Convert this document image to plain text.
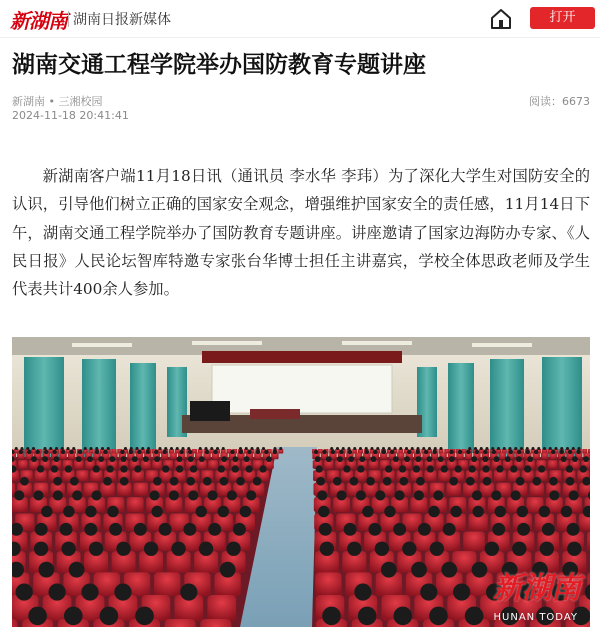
新湖南 湖南日报新媒体	打开
湖南交通工程学院举办国防教育专题讲座
新湖南 • 三湘校园
2024-11-18 20:41:41
阅读：6673

新湖南客户端11月18日讯（通讯员 李水华 李玮）为了深化大学生对国防安全的认识，引导他们树立正确的国家安全观念，增强维护国家安全的责任感，11月14日下午，湖南交通工程学院举办了国防教育专题讲座。讲座邀请了国家边海防办专家、《人民日报》人民论坛智库特邀专家张台华博士担任主讲嘉宾，学校全体思政老师及学生代表共计400余人参加。

新湖南
HUNAN TODAY
